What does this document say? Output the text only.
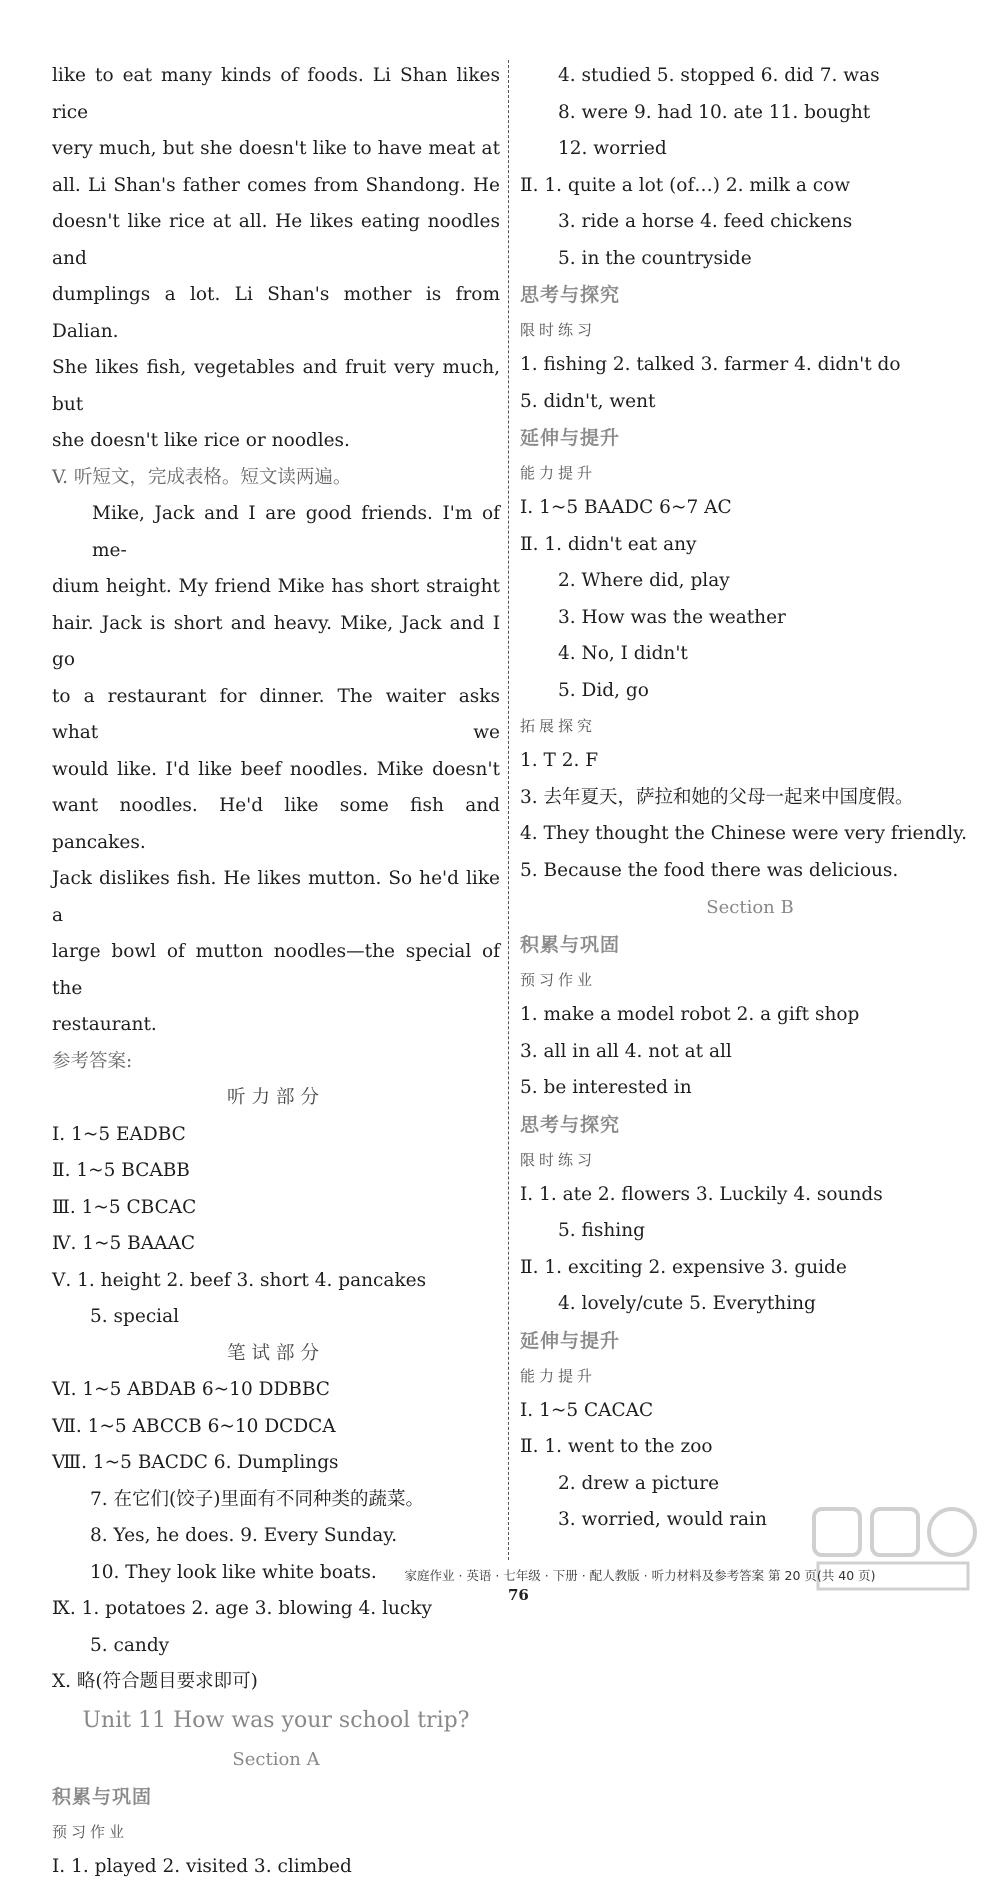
like to eat many kinds of foods. Li Shan likes rice
very much, but she doesn't like to have meat at
all. Li Shan's father comes from Shandong. He
doesn't like rice at all. He likes eating noodles and
dumplings a lot. Li Shan's mother is from Dalian.
She likes fish, vegetables and fruit very much, but
she doesn't like rice or noodles.
V. 听短文，完成表格。短文读两遍。
Mike, Jack and I are good friends. I'm of me-
dium height. My friend Mike has short straight
hair. Jack is short and heavy. Mike, Jack and I go
to a restaurant for dinner. The waiter asks what we
would like. I'd like beef noodles. Mike doesn't
want noodles. He'd like some fish and pancakes.
Jack dislikes fish. He likes mutton. So he'd like a
large bowl of mutton noodles—the special of the
restaurant.
参考答案:
听力部分
Ⅰ. 1~5 EADBC
Ⅱ. 1~5 BCABB
Ⅲ. 1~5 CBCAC
Ⅳ. 1~5 BAAAC
Ⅴ. 1. height 2. beef 3. short 4. pancakes
5. special
笔试部分
Ⅵ. 1~5 ABDAB 6~10 DDBBC
Ⅶ. 1~5 ABCCB 6~10 DCDCA
Ⅷ. 1~5 BACDC 6. Dumplings
7. 在它们(饺子)里面有不同种类的蔬菜。
8. Yes, he does. 9. Every Sunday.
10. They look like white boats.
Ⅸ. 1. potatoes 2. age 3. blowing 4. lucky
5. candy
Ⅹ. 略(符合题目要求即可)
Unit 11 How was your school trip?
Section A
积累与巩固
预习作业
Ⅰ. 1. played 2. visited 3. climbed
4. studied 5. stopped 6. did 7. was
8. were 9. had 10. ate 11. bought
12. worried
Ⅱ. 1. quite a lot (of…) 2. milk a cow
3. ride a horse 4. feed chickens
5. in the countryside
思考与探究
限时练习
1. fishing 2. talked 3. farmer 4. didn't do
5. didn't, went
延伸与提升
能力提升
Ⅰ. 1~5 BAADC 6~7 AC
Ⅱ. 1. didn't eat any
2. Where did, play
3. How was the weather
4. No, I didn't
5. Did, go
拓展探究
1. T 2. F
3. 去年夏天，萨拉和她的父母一起来中国度假。
4. They thought the Chinese were very friendly.
5. Because the food there was delicious.
Section B
积累与巩固
预习作业
1. make a model robot 2. a gift shop
3. all in all 4. not at all
5. be interested in
思考与探究
限时练习
Ⅰ. 1. ate 2. flowers 3. Luckily 4. sounds
5. fishing
Ⅱ. 1. exciting 2. expensive 3. guide
4. lovely/cute 5. Everything
延伸与提升
能力提升
Ⅰ. 1~5 CACAC
Ⅱ. 1. went to the zoo
2. drew a picture
3. worried, would rain
家庭作业 · 英语 · 七年级 · 下册 · 配人教版 · 听力材料及参考答案 第 20 页(共 40 页)
76
